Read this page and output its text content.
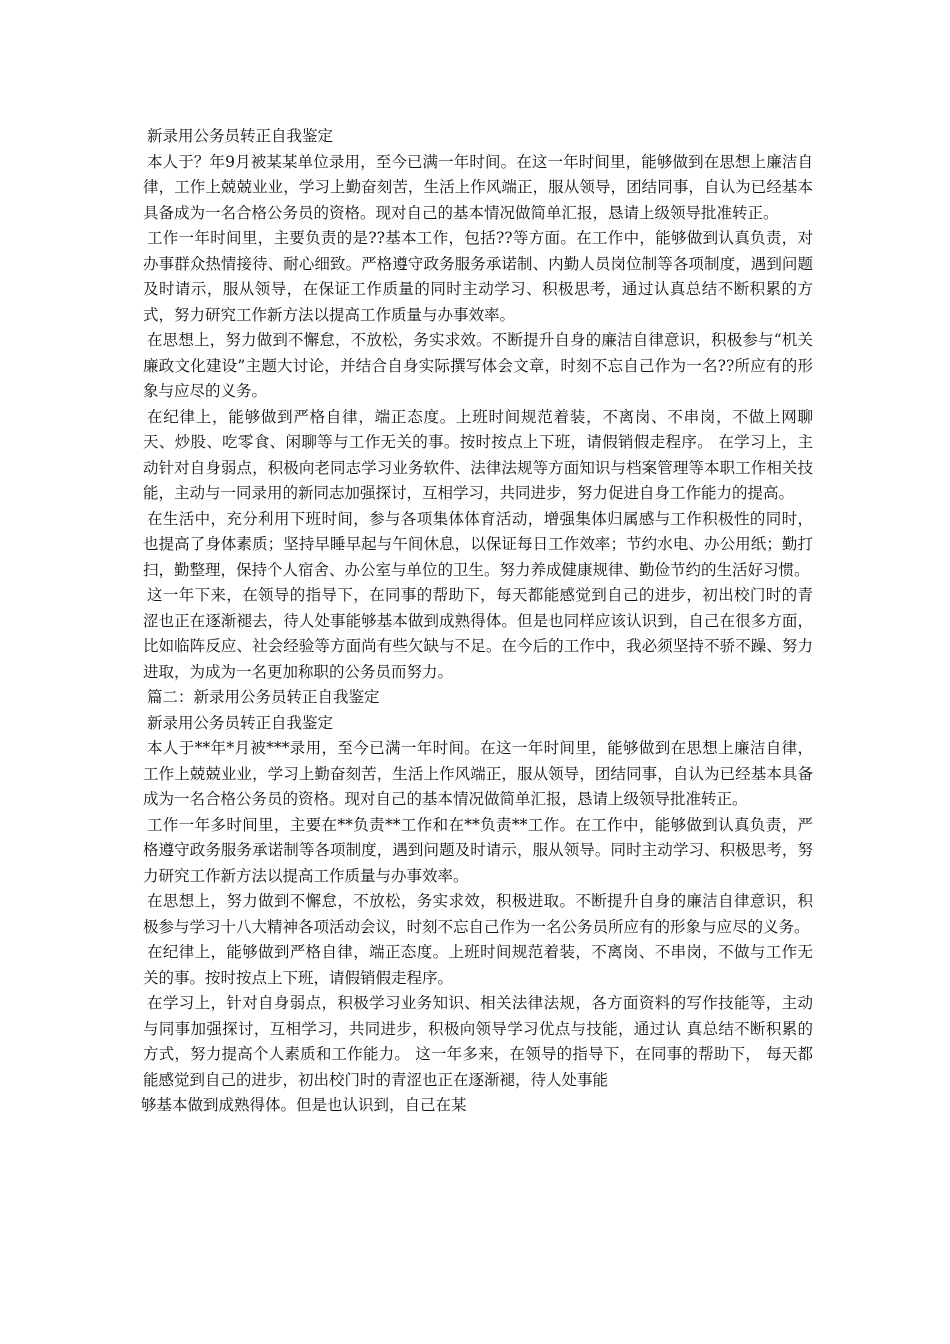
新录用公务员转正自我鉴定

本人于？年9月被某某单位录用，至今已满一年时间。在这一年时间里，能够做到在思想上廉洁自律，工作上兢兢业业，学习上勤奋刻苦，生活上作风端正，服从领导，团结同事，自认为已经基本具备成为一名合格公务员的资格。现对自己的基本情况做简单汇报，恳请上级领导批准转正。

工作一年时间里，主要负责的是??基本工作，包括??等方面。在工作中，能够做到认真负责，对办事群众热情接待、耐心细致。严格遵守政务服务承诺制、内勤人员岗位制等各项制度，遇到问题及时请示，服从领导，在保证工作质量的同时主动学习、积极思考，通过认真总结不断积累的方式，努力研究工作新方法以提高工作质量与办事效率。

在思想上，努力做到不懈怠，不放松，务实求效。不断提升自身的廉洁自律意识，积极参与“机关廉政文化建设”主题大讨论，并结合自身实际撰写体会文章，时刻不忘自己作为一名??所应有的形象与应尽的义务。

在纪律上，能够做到严格自律，端正态度。上班时间规范着装，不离岗、不串岗，不做上网聊天、炒股、吃零食、闲聊等与工作无关的事。按时按点上下班，请假销假走程序。 在学习上，主动针对自身弱点，积极向老同志学习业务软件、法律法规等方面知识与档案管理等本职工作相关技能，主动与一同录用的新同志加强探讨，互相学习，共同进步，努力促进自身工作能力的提高。

在生活中，充分利用下班时间，参与各项集体体育活动，增强集体归属感与工作积极性的同时，也提高了身体素质；坚持早睡早起与午间休息，以保证每日工作效率；节约水电、办公用纸；勤打扫，勤整理，保持个人宿舍、办公室与单位的卫生。努力养成健康规律、勤俭节约的生活好习惯。

这一年下来，在领导的指导下，在同事的帮助下，每天都能感觉到自己的进步，初出校门时的青涩也正在逐渐褪去，待人处事能够基本做到成熟得体。但是也同样应该认识到，自己在很多方面，比如临阵反应、社会经验等方面尚有些欠缺与不足。在今后的工作中，我必须坚持不骄不躁、努力进取，为成为一名更加称职的公务员而努力。

篇二：新录用公务员转正自我鉴定

新录用公务员转正自我鉴定

本人于**年*月被***录用，至今已满一年时间。在这一年时间里，能够做到在思想上廉洁自律，工作上兢兢业业，学习上勤奋刻苦，生活上作风端正，服从领导，团结同事，自认为已经基本具备成为一名合格公务员的资格。现对自己的基本情况做简单汇报，恳请上级领导批准转正。

工作一年多时间里，主要在**负责**工作和在**负责**工作。在工作中，能够做到认真负责，严格遵守政务服务承诺制等各项制度，遇到问题及时请示，服从领导。同时主动学习、积极思考，努力研究工作新方法以提高工作质量与办事效率。

在思想上，努力做到不懈怠，不放松，务实求效，积极进取。不断提升自身的廉洁自律意识，积极参与学习十八大精神各项活动会议，时刻不忘自己作为一名公务员所应有的形象与应尽的义务。

在纪律上，能够做到严格自律，端正态度。上班时间规范着装，不离岗、不串岗，不做与工作无关的事。按时按点上下班，请假销假走程序。

在学习上，针对自身弱点，积极学习业务知识、相关法律法规，各方面资料的写作技能等，主动与同事加强探讨，互相学习，共同进步，积极向领导学习优点与技能，通过认 真总结不断积累的方式，努力提高个人素质和工作能力。 这一年多来，在领导的指导下，在同事的帮助下， 每天都能感觉到自己的进步，初出校门时的青涩也正在逐渐褪，待人处事能

够基本做到成熟得体。但是也认识到，自己在某
